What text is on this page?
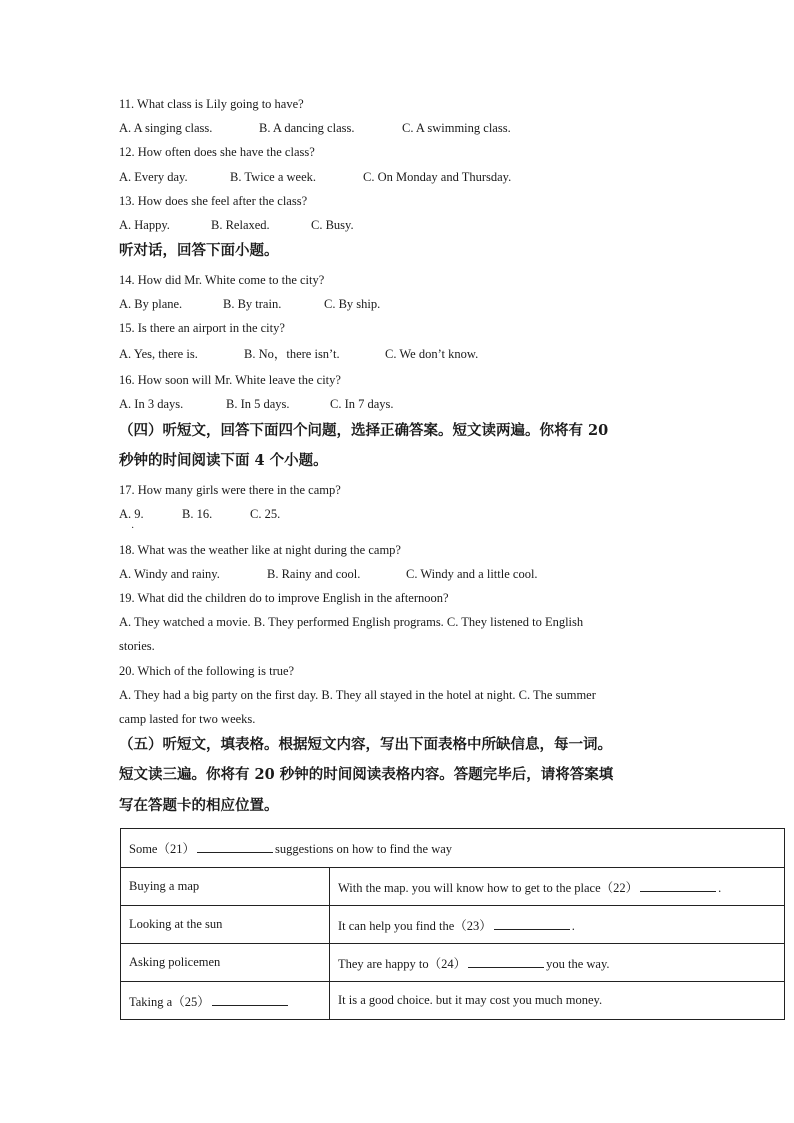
11. What class is Lily going to have?
A. A singing class.	B. A dancing class.	C. A swimming class.
12. How often does she have the class?
A. Every day.	B. Twice a week.	C. On Monday and Thursday.
13. How does she feel after the class?
A. Happy.	B. Relaxed.	C. Busy.
听对话，回答下面小题。
14. How did Mr. White come to the city?
A. By plane.	B. By train.	C. By ship.
15. Is there an airport in the city?
A. Yes, there is.	B. No，there isn’t.	C. We don’t know.
16. How soon will Mr. White leave the city?
A. In 3 days.	B. In 5 days.	C. In 7 days.
（四）听短文，回答下面四个问题，选择正确答案。短文读两遍。你将有 20
秒钟的时间阅读下面 4 个小题。
17. How many girls were there in the camp?
A. 9.	B. 16.	C. 25.
·
18. What was the weather like at night during the camp?
A. Windy and rainy.	B. Rainy and cool.	C. Windy and a little cool.
19. What did the children do to improve English in the afternoon?
A. They watched a movie. B. They performed English programs. C. They listened to English
stories.
20. Which of the following is true?
A. They had a big party on the first day. B. They all stayed in the hotel at night. C. The summer
camp lasted for two weeks.
（五）听短文，填表格。根据短文内容，写出下面表格中所缺信息，每一词。
短文读三遍。你将有 20 秒钟的时间阅读表格内容。答题完毕后，请将答案填
写在答题卡的相应位置。
Some（21） suggestions on how to find the way	
Buying a map	With the map. you will know how to get to the place（22） .
Looking at the sun	It can help you find the（23） .
Asking policemen	They are happy to（24） you the way.
Taking a（25）	It is a good choice. but it may cost you much money.
